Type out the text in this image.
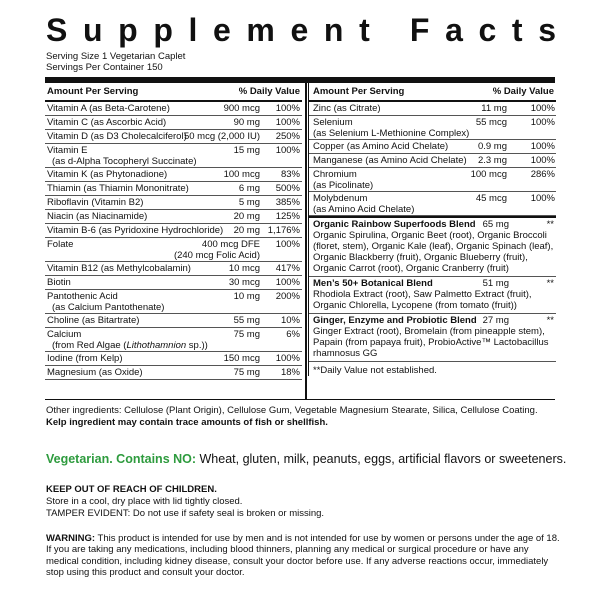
S u p p l e m e n t
F a c t s
Serving Size 1 Vegetarian Caplet
Servings Per Container 150
Amount Per Serving	% Daily Value
Vitamin A (as Beta-Carotene)	900 mcg 100%
Vitamin C (as Ascorbic Acid)	90 mg 100%
Vitamin D (as D3 Cholecalciferol)
50 mcg (2,000 IU) 250%
Vitamin E
(as d-Alpha Tocopheryl Succinate)
15 mg 100%
Vitamin K (as Phytonadione)	100 mcg 83%
Thiamin (as Thiamin Mononitrate)	6 mg 500%
Riboflavin (Vitamin B2)	5 mg 385%
Niacin (as Niacinamide)	20 mg 125%
Vitamin B-6 (as Pyridoxine Hydrochloride) 20 mg 1,176%
Folate	400 mcg DFE
(240 mcg Folic Acid)
100%
Vitamin B12 (as Methylcobalamin)	10 mcg 417%
Biotin	30 mcg 100%
Pantothenic Acid
(as Calcium Pantothenate)
10 mg 200%
Choline (as Bitartrate)	55 mg 10%
Calcium
(from Red Algae (Lithothamnion sp.))
75 mg	6%
Iodine (from Kelp)	150 mcg 100%
Magnesium (as Oxide)	75 mg 18%
Amount Per Serving	% Daily Value
Zinc (as Citrate)	11 mg 100%
Selenium
(as Selenium L-Methionine Complex)
55 mcg 100%
Copper (as Amino Acid Chelate)	0.9 mg 100%
Manganese (as Amino Acid Chelate) 2.3 mg 100%
Chromium
(as Picolinate)
100 mcg 286%
Molybdenum
(as Amino Acid Chelate)
45 mcg 100%
Organic Rainbow Superfoods Blend 65 mg	**
Organic Spirulina, Organic Beet (root), Organic Broccoli (floret, stem), Organic Kale (leaf), Organic Spinach (leaf), Organic Blackberry (fruit), Organic Blueberry (fruit), Organic Carrot (root), Organic Cranberry (fruit)
Men’s 50+ Botanical Blend	51 mg	**
Rhodiola Extract (root), Saw Palmetto Extract (fruit), Organic Chlorella, Lycopene (from tomato (fruit))
Ginger, Enzyme and Probiotic Blend 27 mg	**
Ginger Extract (root), Bromelain (from pineapple stem), Papain (from papaya fruit), ProbioActive™ Lactobacillus rhamnosus GG
**Daily Value not established.
Other ingredients: Cellulose (Plant Origin), Cellulose Gum, Vegetable Magnesium Stearate, Silica, Cellulose Coating.
Kelp ingredient may contain trace amounts of fish or shellfish.
Vegetarian. Contains NO: Wheat, gluten, milk, peanuts, eggs, artificial flavors or sweeteners.
KEEP OUT OF REACH OF CHILDREN.
Store in a cool, dry place with lid tightly closed.
TAMPER EVIDENT: Do not use if safety seal is broken or missing.
WARNING: This product is intended for use by men and is not intended for use by women or persons under the age of 18. If you are taking any medications, including blood thinners, planning any medical or surgical procedure or have any medical condition, including kidney disease, consult your doctor before use. If any adverse reactions occur, immediately stop using this product and consult your doctor.
